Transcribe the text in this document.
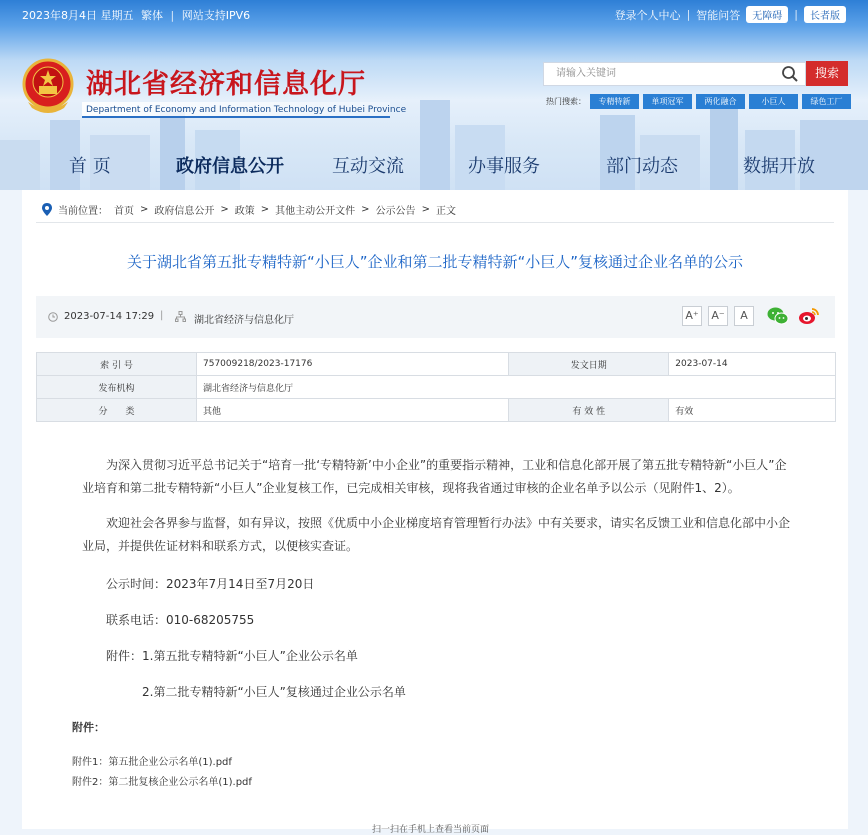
2023年8月4日 星期五 繁体 | 网站支持IPV6	登录个人中心 | 智能问答	无障碍	|	长者版
湖北省经济和信息化厅
Department of Economy and Information Technology of Hubei Province
请输入关键词	搜索
热门搜索：	专精特新	单项冠军	两化融合	小巨人	绿色工厂
首 页	政府信息公开	互动交流	办事服务	部门动态	数据开放
当前位置： 首页 > 政府信息公开 > 政策 > 其他主动公开文件 > 公示公告 > 正文
关于湖北省第五批专精特新“小巨人”企业和第二批专精特新“小巨人”复核通过企业名单的公示
2023-07-14 17:29 |	湖北省经济与信息化厅	A⁺	A⁻	A
索 引 号	757009218/2023-17176	发文日期	2023-07-14
发布机构	湖北省经济与信息化厅		
分　　类	其他	有 效 性	有效

为深入贯彻习近平总书记关于“培育一批‘专精特新’中小企业”的重要指示精神，工业和信息化部开展了第五批专精特新“小巨人”企业培育和第二批专精特新“小巨人”企业复核工作，已完成相关审核，现将我省通过审核的企业名单予以公示（见附件1、2）。

欢迎社会各界参与监督，如有异议，按照《优质中小企业梯度培育管理暂行办法》中有关要求，请实名反馈工业和信息化部中小企业局，并提供佐证材料和联系方式，以便核实查证。

公示时间：2023年7月14日至7月20日
联系电话：010-68205755
附件：1.第五批专精特新“小巨人”企业公示名单
2.第二批专精特新“小巨人”复核通过企业公示名单
附件：
附件1：第五批企业公示名单(1).pdf
附件2：第二批复核企业公示名单(1).pdf
扫一扫在手机上查看当前页面
